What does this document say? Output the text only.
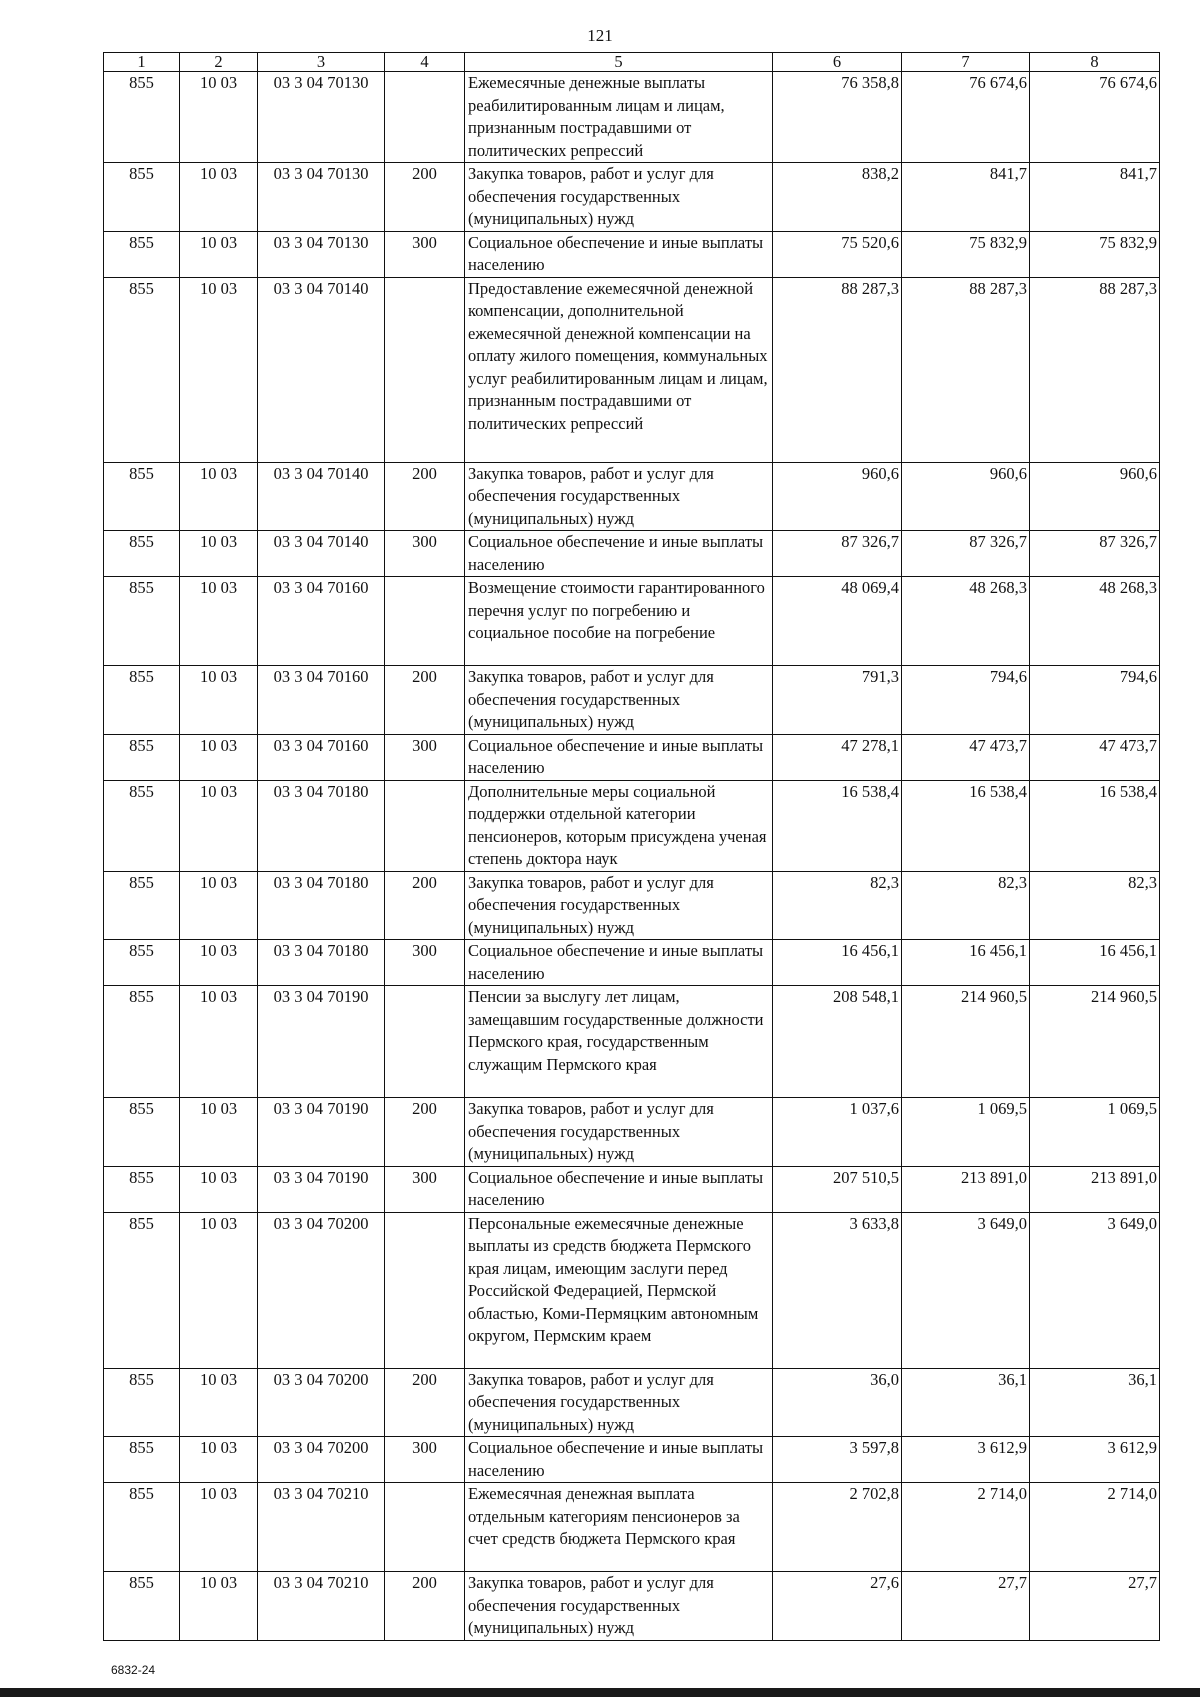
121
1	2	3	4	5	6	7	8
855	10 03	03 3 04 70130		Ежемесячные денежные выплаты реабилитированным лицам и лицам, признанным пострадавшими от политических репрессий	76 358,8	76 674,6	76 674,6
855	10 03	03 3 04 70130	200	Закупка товаров, работ и услуг для обеспечения государственных (муниципальных) нужд	838,2	841,7	841,7
855	10 03	03 3 04 70130	300	Социальное обеспечение и иные выплаты населению	75 520,6	75 832,9	75 832,9
855	10 03	03 3 04 70140		Предоставление ежемесячной денежной компенсации, дополнительной ежемесячной денежной компенсации на оплату жилого помещения, коммунальных услуг реабилитированным лицам и лицам, признанным пострадавшими от политических репрессий	88 287,3	88 287,3	88 287,3
855	10 03	03 3 04 70140	200	Закупка товаров, работ и услуг для обеспечения государственных (муниципальных) нужд	960,6	960,6	960,6
855	10 03	03 3 04 70140	300	Социальное обеспечение и иные выплаты населению	87 326,7	87 326,7	87 326,7
855	10 03	03 3 04 70160		Возмещение стоимости гарантированного перечня услуг по погребению и социальное пособие на погребение	48 069,4	48 268,3	48 268,3
855	10 03	03 3 04 70160	200	Закупка товаров, работ и услуг для обеспечения государственных (муниципальных) нужд	791,3	794,6	794,6
855	10 03	03 3 04 70160	300	Социальное обеспечение и иные выплаты населению	47 278,1	47 473,7	47 473,7
855	10 03	03 3 04 70180		Дополнительные меры социальной поддержки отдельной категории пенсионеров, которым присуждена ученая степень доктора наук	16 538,4	16 538,4	16 538,4
855	10 03	03 3 04 70180	200	Закупка товаров, работ и услуг для обеспечения государственных (муниципальных) нужд	82,3	82,3	82,3
855	10 03	03 3 04 70180	300	Социальное обеспечение и иные выплаты населению	16 456,1	16 456,1	16 456,1
855	10 03	03 3 04 70190		Пенсии за выслугу лет лицам, замещавшим государственные должности Пермского края, государственным служащим Пермского края	208 548,1	214 960,5	214 960,5
855	10 03	03 3 04 70190	200	Закупка товаров, работ и услуг для обеспечения государственных (муниципальных) нужд	1 037,6	1 069,5	1 069,5
855	10 03	03 3 04 70190	300	Социальное обеспечение и иные выплаты населению	207 510,5	213 891,0	213 891,0
855	10 03	03 3 04 70200		Персональные ежемесячные денежные выплаты из средств бюджета Пермского края лицам, имеющим заслуги перед Российской Федерацией, Пермской областью, Коми-Пермяцким автономным округом, Пермским краем	3 633,8	3 649,0	3 649,0
855	10 03	03 3 04 70200	200	Закупка товаров, работ и услуг для обеспечения государственных (муниципальных) нужд	36,0	36,1	36,1
855	10 03	03 3 04 70200	300	Социальное обеспечение и иные выплаты населению	3 597,8	3 612,9	3 612,9
855	10 03	03 3 04 70210		Ежемесячная денежная выплата отдельным категориям пенсионеров за счет средств бюджета Пермского края	2 702,8	2 714,0	2 714,0
855	10 03	03 3 04 70210	200	Закупка товаров, работ и услуг для обеспечения государственных (муниципальных) нужд	27,6	27,7	27,7
6832-24
